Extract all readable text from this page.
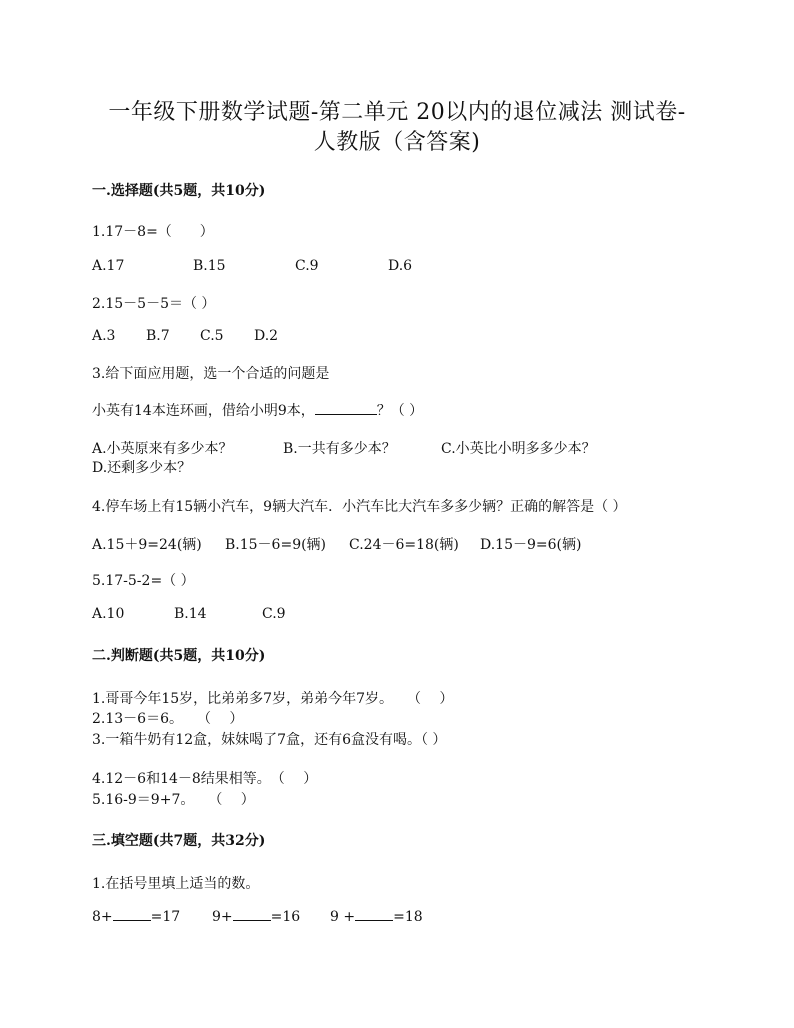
一年级下册数学试题-第二单元 20以内的退位减法 测试卷-
人教版（含答案)
一.选择题(共5题，共10分)
1.17－8=（　　）
A.17	B.15	C.9	D.6
2.15－5－5＝（ ）
A.3 B.7 C.5 D.2
3.给下面应用题，选一个合适的问题是
小英有14本连环画，借给小明9本，	？（ ）
A.小英原来有多少本？	B.一共有多少本？	C.小英比小明多多少本？
D.还剩多少本？
4.停车场上有15辆小汽车，9辆大汽车．小汽车比大汽车多多少辆？正确的解答是（ ）
A.15＋9=24(辆) B.15－6=9(辆) C.24－6=18(辆) D.15－9=6(辆)
5.17-5-2=（ ）
A.10	B.14	C.9
二.判断题(共5题，共10分)
1.哥哥今年15岁，比弟弟多7岁，弟弟今年7岁。　　（　 ）
2.13－6＝6。　　（　 ）
3.一箱牛奶有12盒，妹妹喝了7盒，还有6盒没有喝。（ ）
4.12－6和14－8结果相等。　（　 ）
5.16-9＝9+7。　　（　 ）
三.填空题(共7题，共32分)
1.在括号里填上适当的数。
8+	=17 9+	=16 9 +	=18
